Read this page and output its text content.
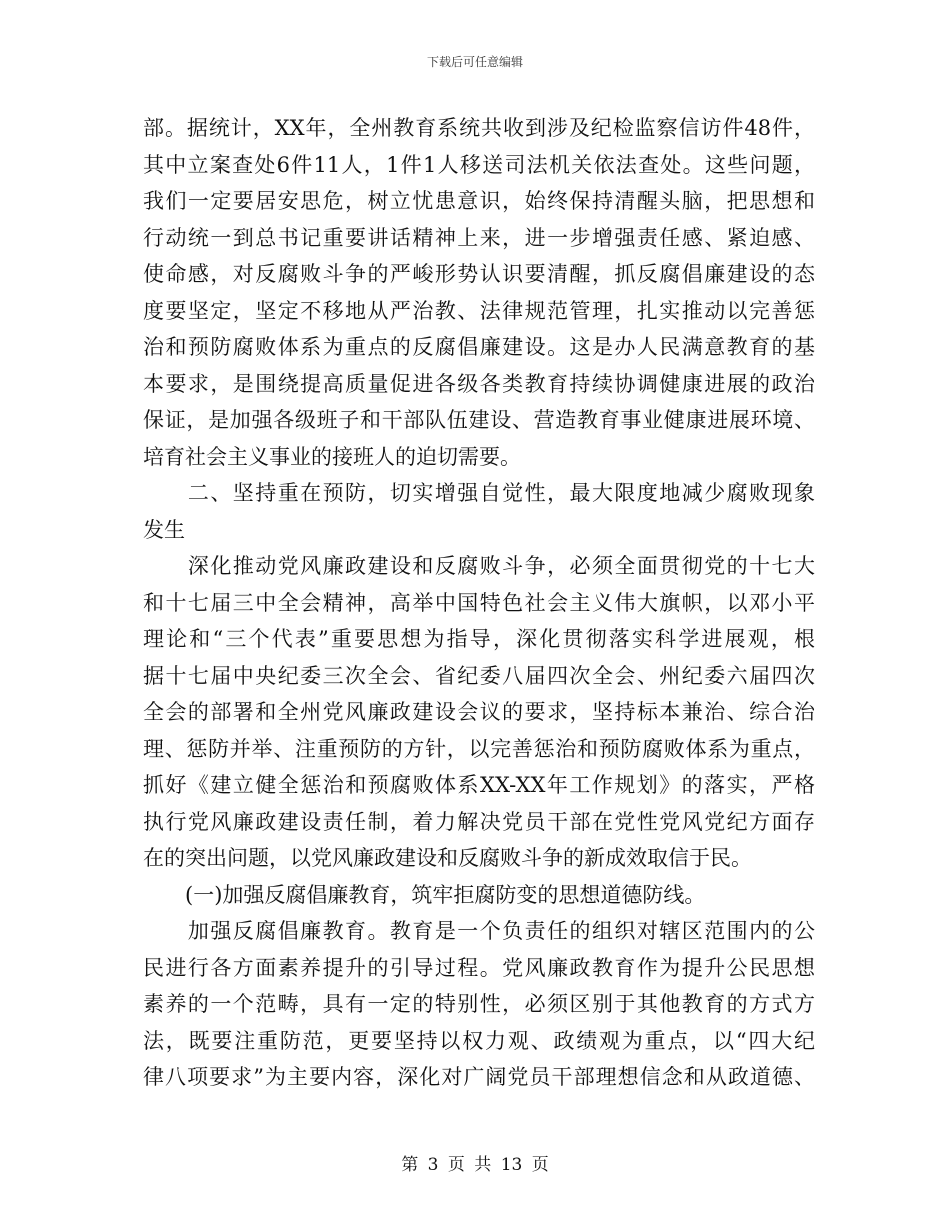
下载后可任意编辑
部。据统计，XX年，全州教育系统共收到涉及纪检监察信访件48件，
其中立案查处6件11人，1件1人移送司法机关依法查处。这些问题，
我们一定要居安思危，树立忧患意识，始终保持清醒头脑，把思想和
行动统一到总书记重要讲话精神上来，进一步增强责任感、紧迫感、
使命感，对反腐败斗争的严峻形势认识要清醒，抓反腐倡廉建设的态
度要坚定，坚定不移地从严治教、法律规范管理，扎实推动以完善惩
治和预防腐败体系为重点的反腐倡廉建设。这是办人民满意教育的基
本要求，是围绕提高质量促进各级各类教育持续协调健康进展的政治
保证，是加强各级班子和干部队伍建设、营造教育事业健康进展环境、
培育社会主义事业的接班人的迫切需要。
　　二、坚持重在预防，切实增强自觉性，最大限度地减少腐败现象
发生
　　深化推动党风廉政建设和反腐败斗争，必须全面贯彻党的十七大
和十七届三中全会精神，高举中国特色社会主义伟大旗帜，以邓小平
理论和“三个代表”重要思想为指导，深化贯彻落实科学进展观，根
据十七届中央纪委三次全会、省纪委八届四次全会、州纪委六届四次
全会的部署和全州党风廉政建设会议的要求，坚持标本兼治、综合治
理、惩防并举、注重预防的方针，以完善惩治和预防腐败体系为重点，
抓好《建立健全惩治和预腐败体系XX-XX年工作规划》的落实，严格
执行党风廉政建设责任制，着力解决党员干部在党性党风党纪方面存
在的突出问题，以党风廉政建设和反腐败斗争的新成效取信于民。
　　(一)加强反腐倡廉教育，筑牢拒腐防变的思想道德防线。
　　加强反腐倡廉教育。教育是一个负责任的组织对辖区范围内的公
民进行各方面素养提升的引导过程。党风廉政教育作为提升公民思想
素养的一个范畴，具有一定的特别性，必须区别于其他教育的方式方
法，既要注重防范，更要坚持以权力观、政绩观为重点，以“四大纪
律八项要求”为主要内容，深化对广阔党员干部理想信念和从政道德、
第 3 页 共 13 页
